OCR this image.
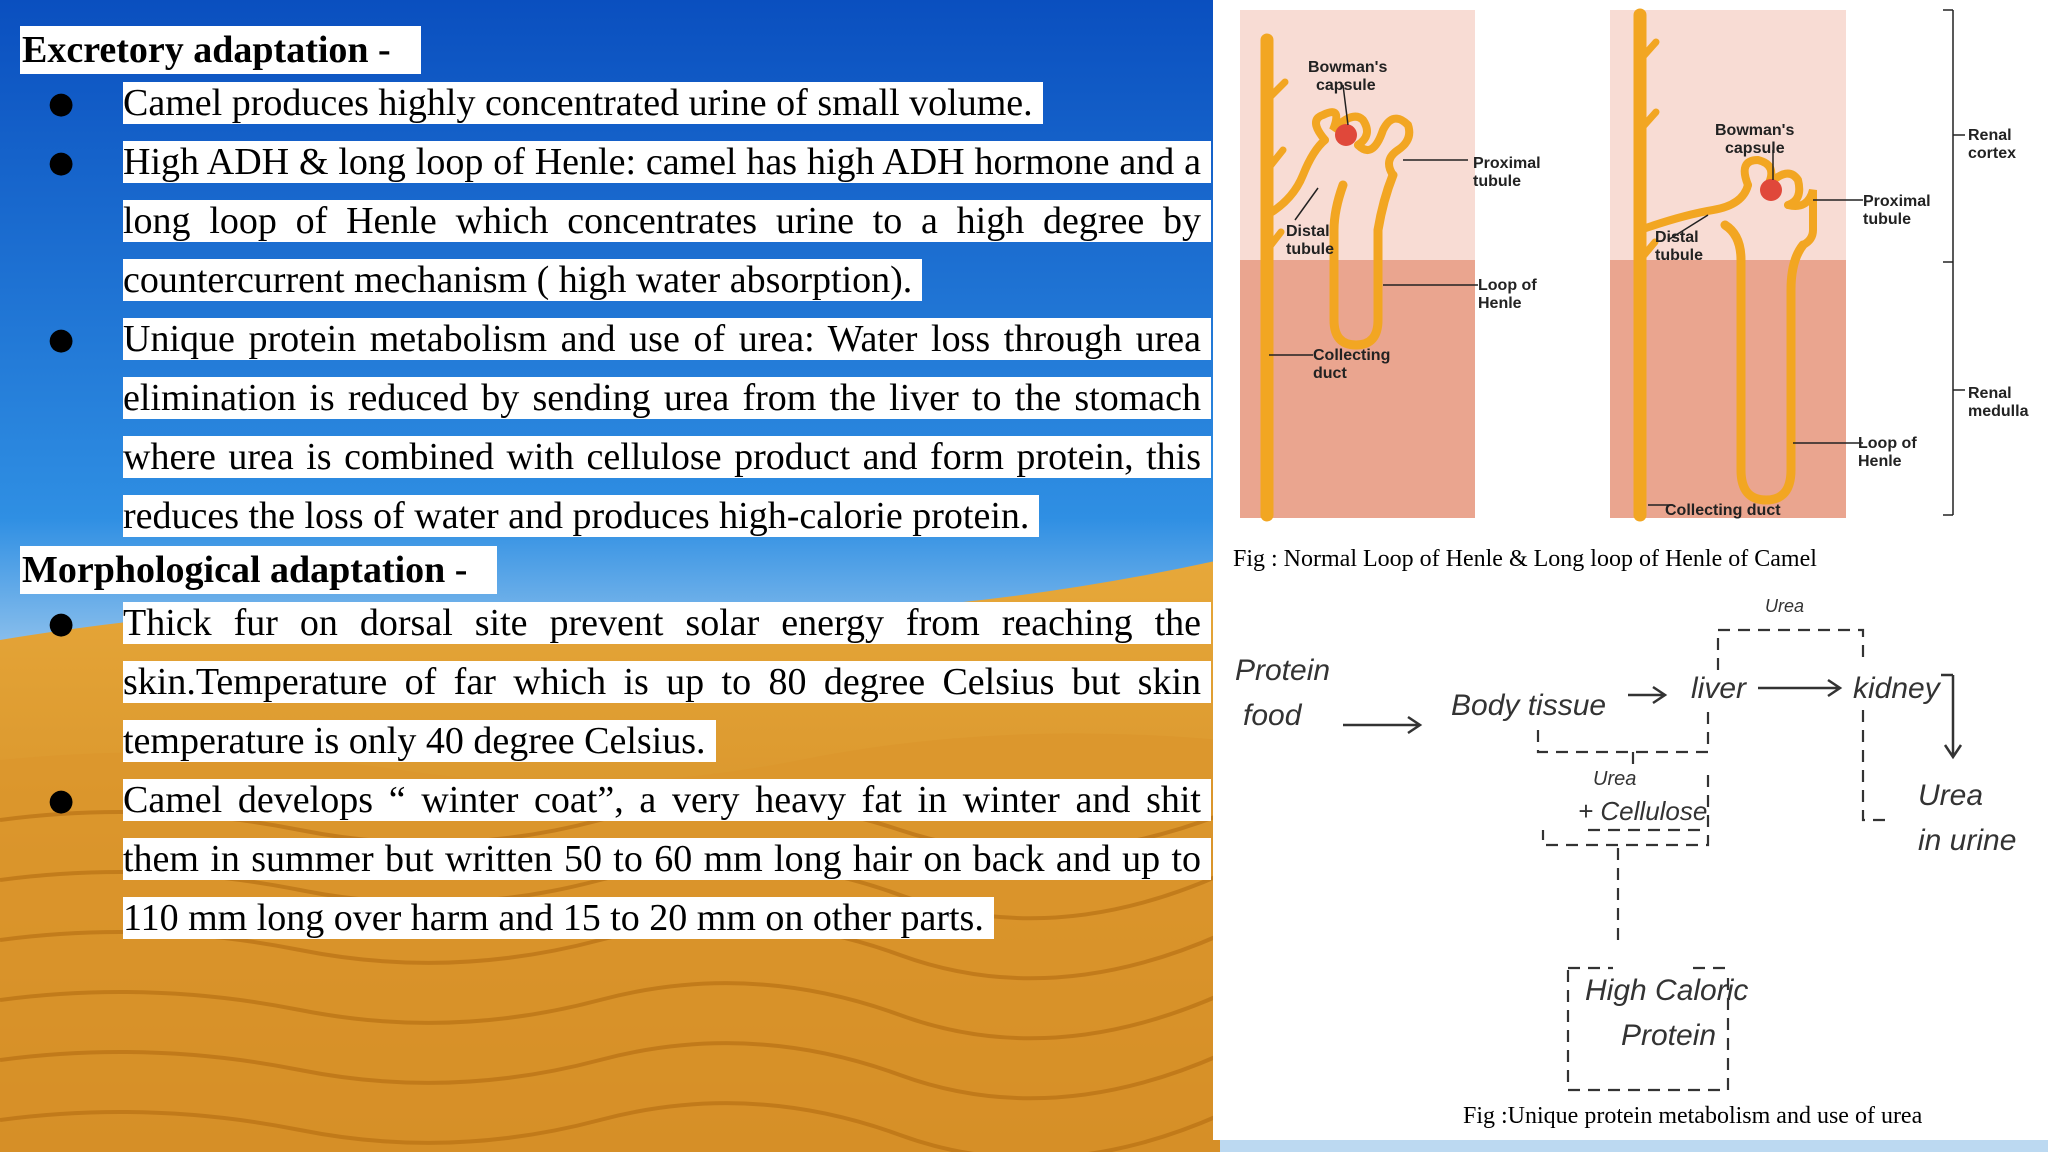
Excretory adaptation -
● Camel produces highly concentrated urine of small volume.
● High ADH & long loop of Henle: camel has high ADH hormone and a long loop of Henle which concentrates urine to a high degree by countercurrent mechanism ( high water absorption).
● Unique protein metabolism and use of urea: Water loss through urea elimination is reduced by sending urea from the liver to the stomach where urea is combined with cellulose product and form protein, this reduces the loss of water and produces high-calorie protein.
Morphological adaptation -
● Thick fur on dorsal site prevent solar energy from reaching the skin.Temperature of far which is up to 80 degree Celsius but skin temperature is only 40 degree Celsius.
● Camel develops “ winter coat”, a very heavy fat in winter and shit them in summer but written 50 to 60 mm long hair on back and up to 110 mm long over harm and 15 to 20 mm on other parts.
Bowman's
capsule
Proximal
tubule
Distal
tubule
Loop of
Henle
Collecting
duct
Bowman's
capsule
Proximal
tubule
Distal
tubule
Loop of
Henle
Collecting duct
Renal
cortex
Renal
medulla
Fig : Normal Loop of Henle & Long loop of Henle of Camel
Protein
food	Body tissue
liver	kidney
Urea
Urea
+ Cellulose	Urea
in urine
High Caloric
Protein
Fig :Unique protein metabolism and use of urea
